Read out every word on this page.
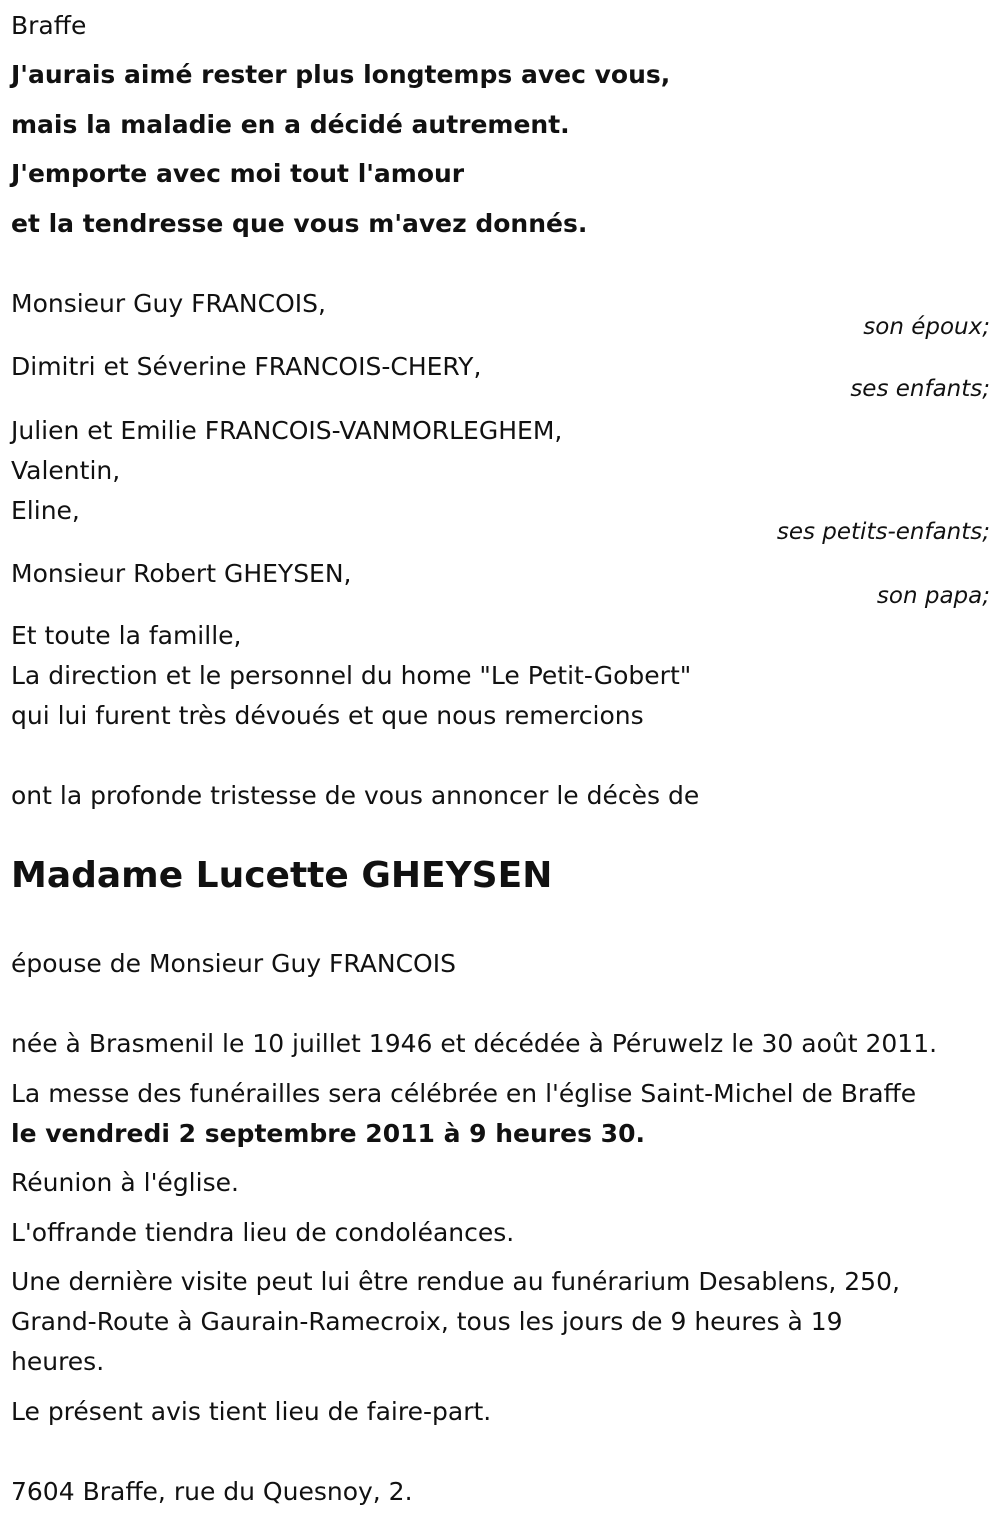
Braffe
J'aurais aimé rester plus longtemps avec vous,
mais la maladie en a décidé autrement.
J'emporte avec moi tout l'amour
et la tendresse que vous m'avez donnés.
Monsieur Guy FRANCOIS,
son époux;
Dimitri et Séverine FRANCOIS-CHERY,
ses enfants;
Julien et Emilie FRANCOIS-VANMORLEGHEM,
Valentin,
Eline,
ses petits-enfants;
Monsieur Robert GHEYSEN,
son papa;
Et toute la famille,
La direction et le personnel du home "Le Petit-Gobert"
qui lui furent très dévoués et que nous remercions
ont la profonde tristesse de vous annoncer le décès de
Madame Lucette GHEYSEN
épouse de Monsieur Guy FRANCOIS
née à Brasmenil le 10 juillet 1946 et décédée à Péruwelz le 30 août 2011.
La messe des funérailles sera célébrée en l'église Saint-Michel de Braffe
le vendredi 2 septembre 2011 à 9 heures 30.
Réunion à l'église.
L'offrande tiendra lieu de condoléances.
Une dernière visite peut lui être rendue au funérarium Desablens, 250,
Grand-Route à Gaurain-Ramecroix, tous les jours de 9 heures à 19
heures.
Le présent avis tient lieu de faire-part.
7604 Braffe, rue du Quesnoy, 2.
